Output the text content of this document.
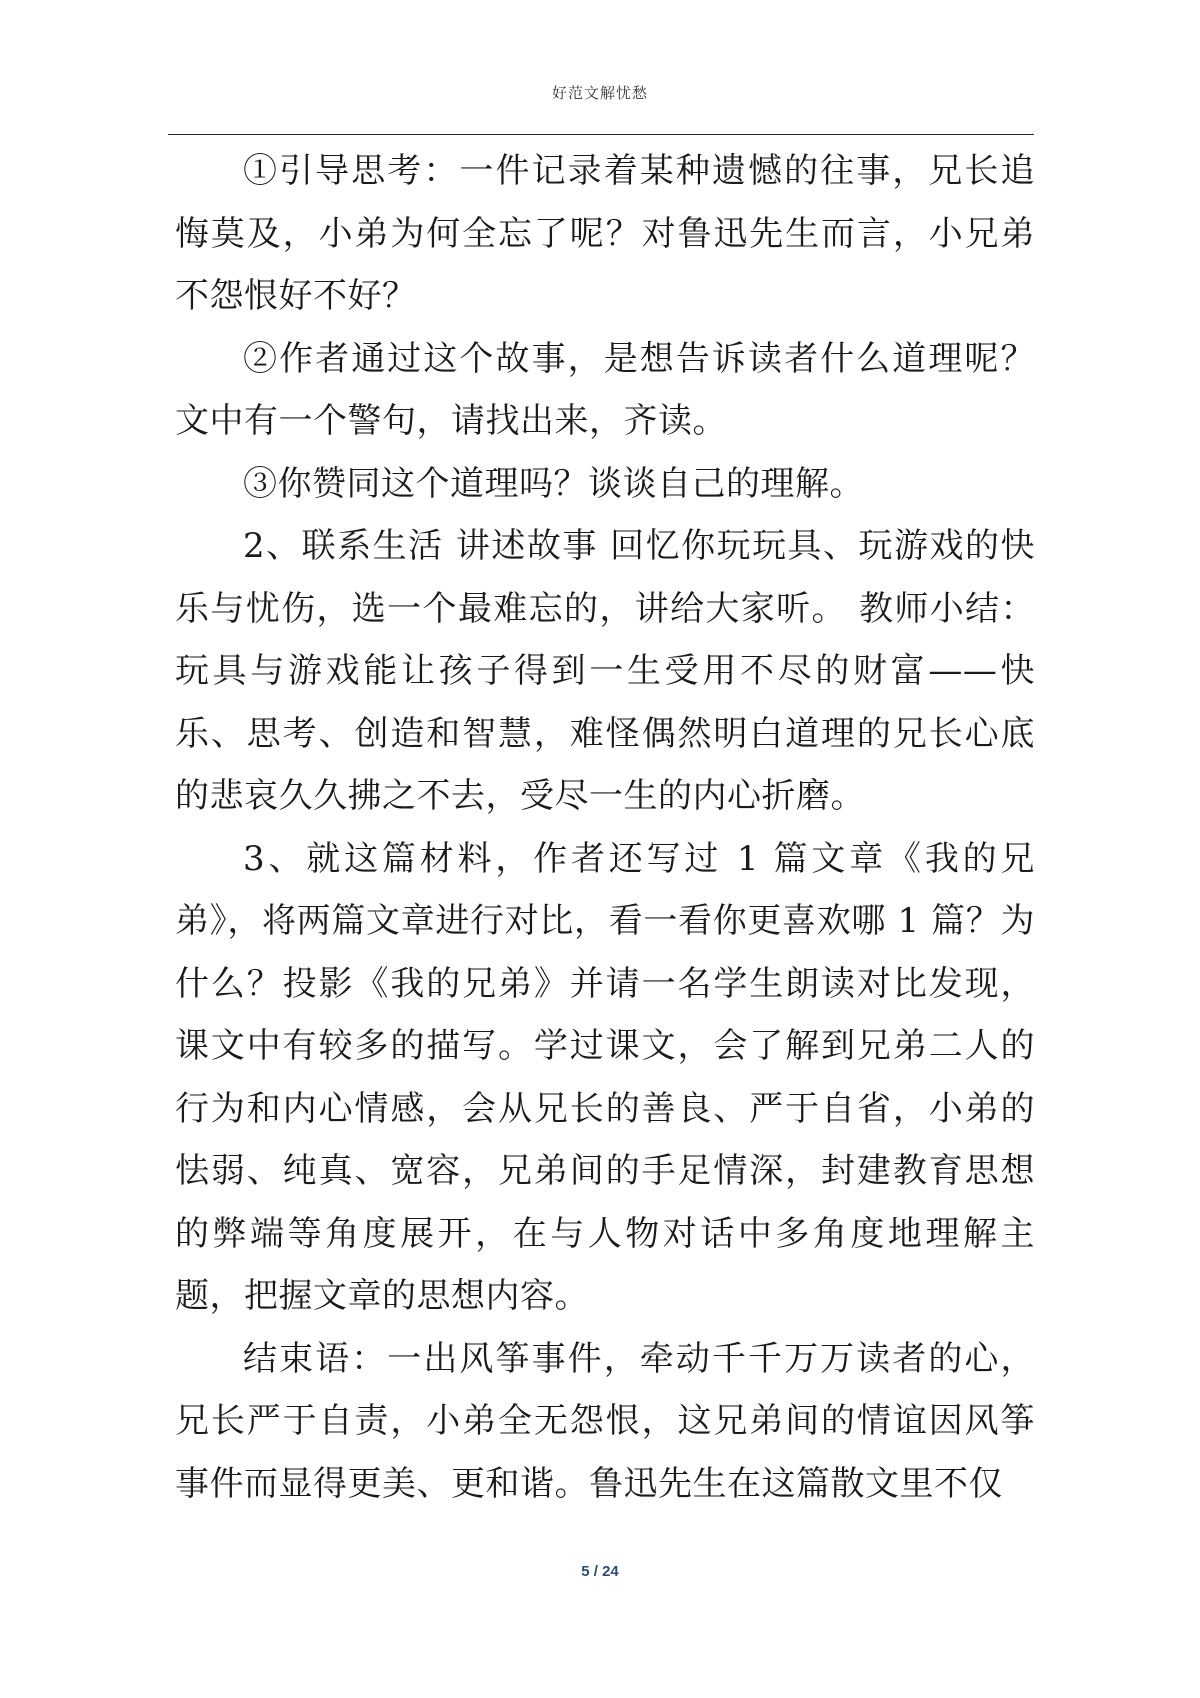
好范文解忧愁

①引导思考：一件记录着某种遗憾的往事，兄长追悔莫及，小弟为何全忘了呢？对鲁迅先生而言，小兄弟不怨恨好不好？

②作者通过这个故事，是想告诉读者什么道理呢？文中有一个警句，请找出来，齐读。

③你赞同这个道理吗？谈谈自己的理解。

2、联系生活 讲述故事 回忆你玩玩具、玩游戏的快乐与忧伤，选一个最难忘的，讲给大家听。 教师小结：玩具与游戏能让孩子得到一生受用不尽的财富——快乐、思考、创造和智慧，难怪偶然明白道理的兄长心底的悲哀久久拂之不去，受尽一生的内心折磨。

3、就这篇材料，作者还写过 1 篇文章《我的兄弟》，将两篇文章进行对比，看一看你更喜欢哪 1 篇？为什么？投影《我的兄弟》并请一名学生朗读对比发现，课文中有较多的描写。学过课文，会了解到兄弟二人的行为和内心情感，会从兄长的善良、严于自省，小弟的怯弱、纯真、宽容，兄弟间的手足情深，封建教育思想的弊端等角度展开，在与人物对话中多角度地理解主题，把握文章的思想内容。

结束语：一出风筝事件，牵动千千万万读者的心，兄长严于自责，小弟全无怨恨，这兄弟间的情谊因风筝事件而显得更美、更和谐。鲁迅先生在这篇散文里不仅

5 / 24
